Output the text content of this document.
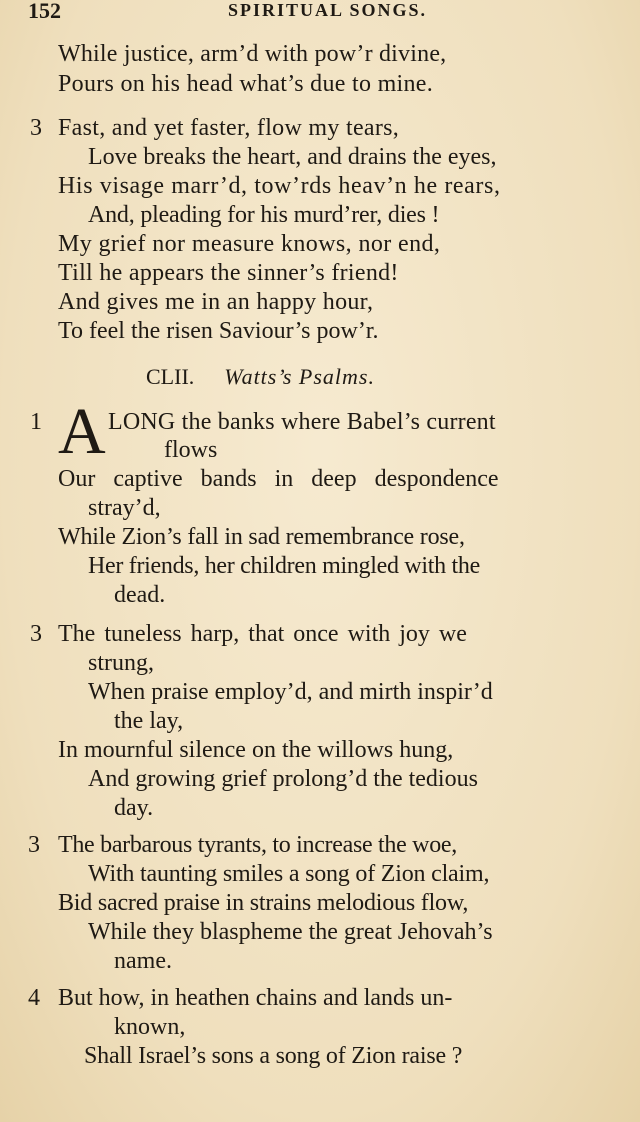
152	SPIRITUAL SONGS.
While justice, arm’d with pow’r divine,
Pours on his head what’s due to mine.
3 Fast, and yet faster, flow my tears,
Love breaks the heart, and drains the eyes,
His visage marr’d, tow’rds heav’n he rears,
And, pleading for his murd’rer, dies !
My grief nor measure knows, nor end,
Till he appears the sinner’s friend!
And gives me in an happy hour,
To feel the risen Saviour’s pow’r.
CLII. Watts’s Psalms.
1 A LONG the banks where Babel’s current
flows
Our captive bands in deep despondence
stray’d,
While Zion’s fall in sad remembrance rose,
Her friends, her children mingled with the
dead.
3 The tuneless harp, that once with joy we
strung,
When praise employ’d, and mirth inspir’d
the lay,
In mournful silence on the willows hung,
And growing grief prolong’d the tedious
day.
3 The barbarous tyrants, to increase the woe,
With taunting smiles a song of Zion claim,
Bid sacred praise in strains melodious flow,
While they blaspheme the great Jehovah’s
name.
4 But how, in heathen chains and lands un-
known,
Shall Israel’s sons a song of Zion raise ?
